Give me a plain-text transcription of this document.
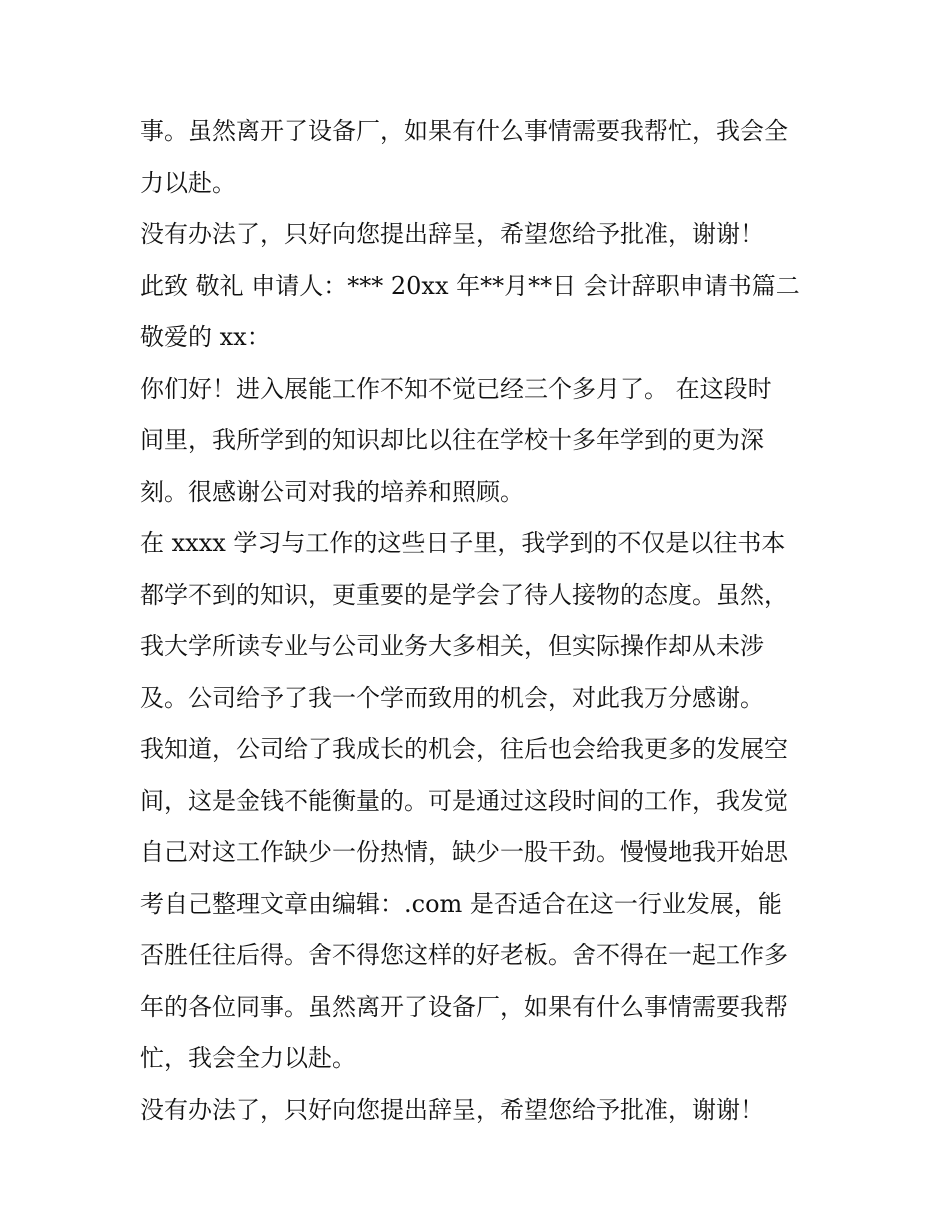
事。虽然离开了设备厂，如果有什么事情需要我帮忙，我会全
力以赴。
没有办法了，只好向您提出辞呈，希望您给予批准，谢谢！
此致 敬礼 申请人：*** 20xx 年**月**日 会计辞职申请书篇二
敬爱的 xx：
你们好！进入展能工作不知不觉已经三个多月了。 在这段时
间里，我所学到的知识却比以往在学校十多年学到的更为深
刻。很感谢公司对我的培养和照顾。
在 xxxx 学习与工作的这些日子里，我学到的不仅是以往书本
都学不到的知识，更重要的是学会了待人接物的态度。虽然，
我大学所读专业与公司业务大多相关，但实际操作却从未涉
及。公司给予了我一个学而致用的机会，对此我万分感谢。
我知道，公司给了我成长的机会，往后也会给我更多的发展空
间，这是金钱不能衡量的。可是通过这段时间的工作，我发觉
自己对这工作缺少一份热情，缺少一股干劲。慢慢地我开始思
考自己整理文章由编辑：.com 是否适合在这一行业发展，能
否胜任往后得。舍不得您这样的好老板。舍不得在一起工作多
年的各位同事。虽然离开了设备厂，如果有什么事情需要我帮
忙，我会全力以赴。
没有办法了，只好向您提出辞呈，希望您给予批准，谢谢！
